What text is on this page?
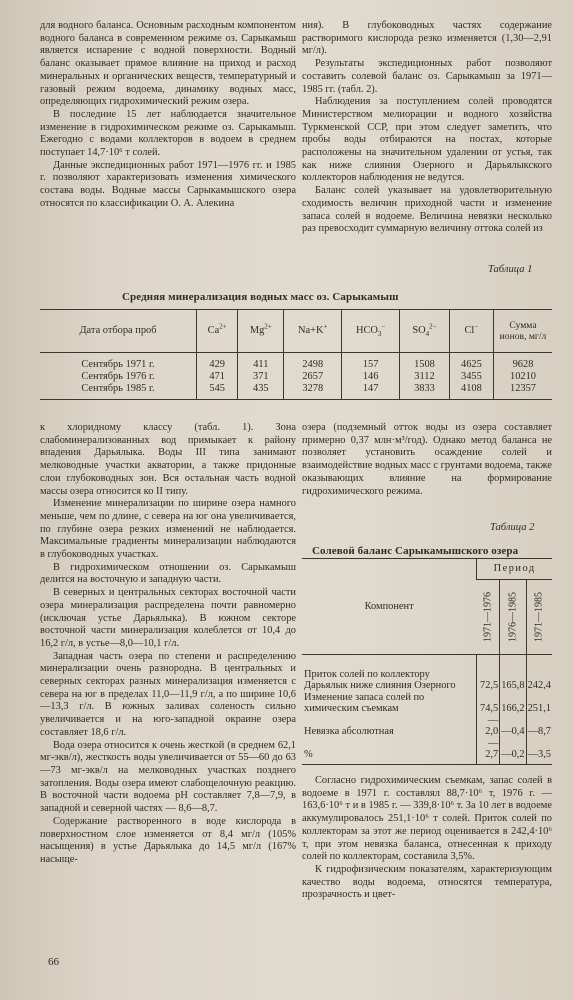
для водного баланса. Основным расходным компонентом водного баланса в современном режиме оз. Сарыкамыш является испарение с водной поверхности. Водный баланс оказывает прямое влияние на приход и расход минеральных и органических веществ, температурный и газовый режим водоема, динамику водных масс, определяющих гидрохимический режим озера.

В последние 15 лет наблюдается значительное изменение в гидрохимическом режиме оз. Сарыкамыш. Ежегодно с водами коллекторов в водоем в среднем поступает 14,7·10⁶ т солей.

Данные экспедиционных работ 1971—1976 гг. и 1985 г. позволяют характеризовать изменения химического состава воды. Водные массы Сарыкамышского озера относятся по классификации О. А. Алекина

ния). В глубоководных частях содержание растворимого кислорода резко изменяется (1,30—2,91 мг/л).

Результаты экспедиционных работ позволяют составить солевой баланс оз. Сарыкамыш за 1971—1985 гг. (табл. 2).

Наблюдения за поступлением солей проводятся Министерством мелиорации и водного хозяйства Туркменской ССР, при этом следует заметить, что пробы воды отбираются на постах, которые расположены на значительном удалении от устья, так как ниже слияния Озерного и Дарьялыкского коллекторов наблюдения не ведутся.

Баланс солей указывает на удовлетворительную сходимость величин приходной части и изменение запаса солей в водоеме. Величина невязки несколько раз превосходит суммарную величину оттока солей из

Таблица 1
Средняя минерализация водных масс оз. Сарыкамыш
Дата отбора проб	$Ca^{2+}$	$Mg^{2+}$	Na+K+	$HCO_3^-$	$SO_4^{2-}$	Cl−	Сумма ионов, мг/л
Сентябрь 1971 г.	429	411	2498	157	1508	4625	9628
Сентябрь 1976 г.	471	371	2657	146	3112	3455	10210
Сентябрь 1985 г.	545	435	3278	147	3833	4108	12357

к хлоридному классу (табл. 1). Зона слабоминерализованных вод примыкает к району впадения Дарьялыка. Воды III типа занимают мелководные участки акватории, а также придонные слои глубоководных зон. Вся остальная часть водной массы озера относится ко II типу.

Изменение минерализации по ширине озера намного меньше, чем по длине, с севера на юг она увеличивается, по глубине озера резких изменений не наблюдается. Максимальные градиенты минерализации наблюдаются в глубоководных участках.

В гидрохимическом отношении оз. Сарыкамыш делится на восточную и западную части.

В северных и центральных секторах восточной части озера минерализация распределена почти равномерно (исключая устье Дарьялыка). В южном секторе восточной части минерализация колеблется от 10,4 до 16,2 г/л, в устье—8,0—10,1 г/л.

Западная часть озера по степени и распределению минерализации очень разнородна. В центральных и северных секторах разных минерализация изменяется с севера на юг в пределах 11,0—11,9 г/л, а по ширине 10,6—13,3 г/л. В южных заливах соленость сильно увеличивается и на юго-западной окраине озера составляет 18,6 г/л.

Вода озера относится к очень жесткой (в среднем 62,1 мг-экв/л), жесткость воды увеличивается от 55—60 до 63—73 мг-экв/л на мелководных участках позднего затопления. Воды озера имеют слабощелочную реакцию. В восточной части водоема pH составляет 7,8—7,9, в западной и северной частях — 8,6—8,7.

Содержание растворенного в воде кислорода в поверхностном слое изменяется от 8,4 мг/л (105% насыщения) в устье Дарьялыка до 14,5 мг/л (167% насыще-

озера (подземный отток воды из озера составляет примерно 0,37 млн·м³/год). Однако метод баланса не позволяет установить осаждение солей и взаимодействие водных масс с грунтами водоема, также оказывающих влияние на формирование гидрохимического режима.

Таблица 2
Солевой баланс Сарыкамышского озера
Компонент	Период		

	1971—1976	1976—1985	1971—1985

Приток солей по коллектору Дарьялык ниже слияния Озерного	72,5	165,8	242,4
Изменение запаса солей по химическим съемкам	74,5	166,2	251,1
Невязка абсолютная	— 2,0	—0,4	—8,7
%	— 2,7	—0,2	—3,5

Согласно гидрохимическим съемкам, запас солей в водоеме в 1971 г. составлял 88,7·10⁶ т, 1976 г. — 163,6·10⁶ т и в 1985 г. — 339,8·10⁶ т. За 10 лет в водоеме аккумулировалось 251,1·10⁶ т солей. Приток солей по коллекторам за этот же период оценивается в 242,4·10⁶ т, при этом невязка баланса, отнесенная к приходу солей по коллекторам, составила 3,5%.

К гидрофизическим показателям, характеризующим качество воды водоема, относятся температура, прозрачность и цвет-

66
